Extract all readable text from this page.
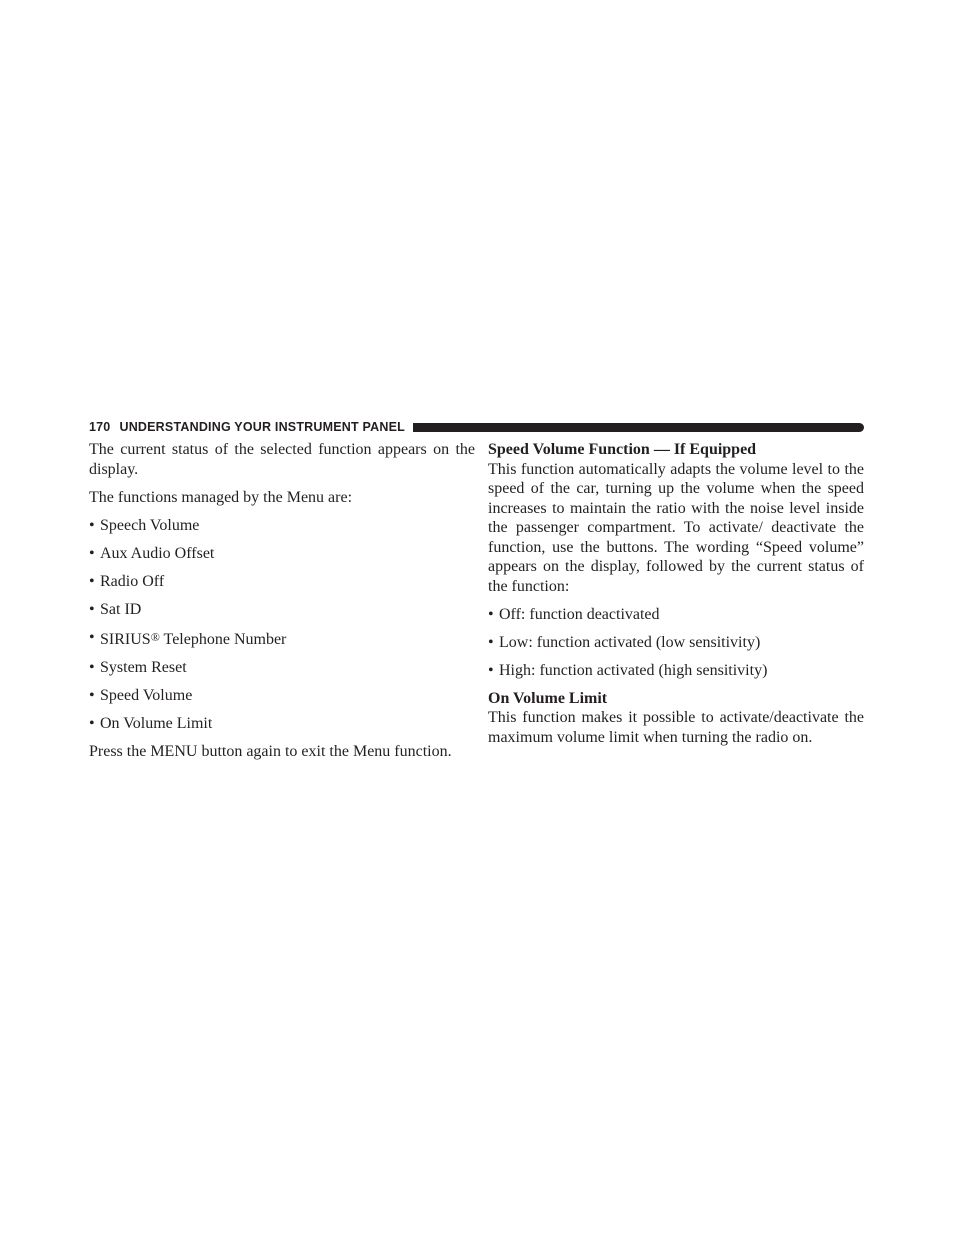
170 UNDERSTANDING YOUR INSTRUMENT PANEL

The current status of the selected function appears on the display.

The functions managed by the Menu are:

• Speech Volume
• Aux Audio Offset
• Radio Off
• Sat ID
• SIRIUS® Telephone Number
• System Reset
• Speed Volume
• On Volume Limit

Press the MENU button again to exit the Menu function.

Speed Volume Function — If Equipped

This function automatically adapts the volume level to the speed of the car, turning up the volume when the speed increases to maintain the ratio with the noise level inside the passenger compartment. To activate/ deactivate the function, use the buttons. The wording “Speed volume” appears on the display, followed by the current status of the function:

• Off: function deactivated
• Low: function activated (low sensitivity)
• High: function activated (high sensitivity)
On Volume Limit

This function makes it possible to activate/deactivate the maximum volume limit when turning the radio on.
